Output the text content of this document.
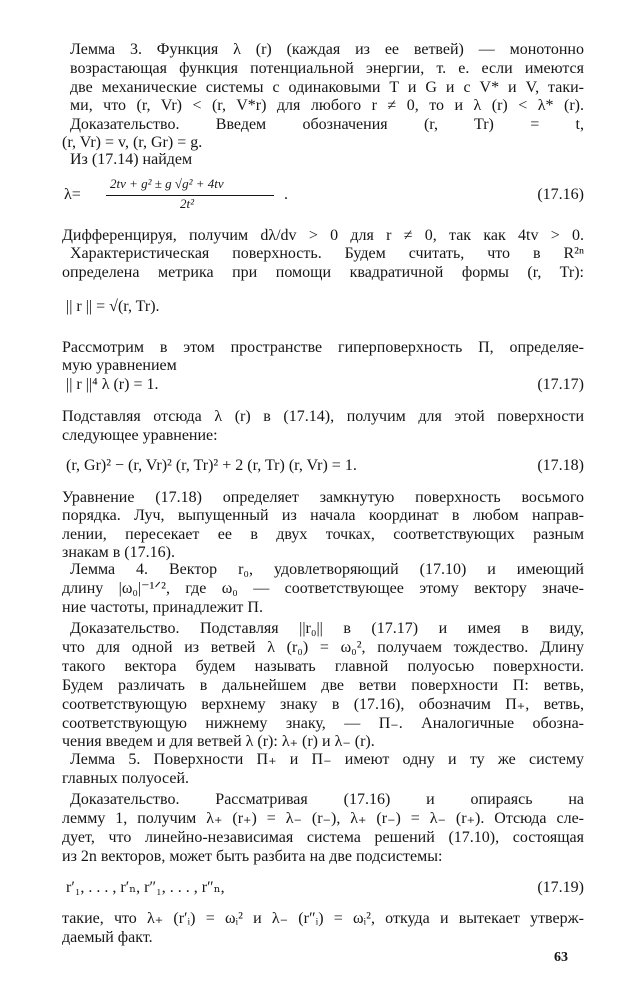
Лемма 3. Функция λ (r) (каждая из ее ветвей) — монотонно
возрастающая функция потенциальной энергии, т. е. если имеются
две механические системы с одинаковыми T и G и с V* и V, таки-
ми, что (r, Vr) < (r, V*r) для любого r ≠ 0, то и λ (r) < λ* (r).
Доказательство. Введем обозначения (r, Tr) = t,
(r, Vr) = v, (r, Gr) = g.
Из (17.14) найдем
λ=
2tv + g² ± g √g² + 4tv
2t²
.	(17.16)
Дифференцируя, получим dλ/dv > 0 для r ≠ 0, так как 4tv > 0.
Характеристическая поверхность. Будем считать, что в R²ⁿ
определена метрика при помощи квадратичной формы (r, Tr):
|| r || = √(r, Tr).
Рассмотрим в этом пространстве гиперповерхность Π, определяе-
мую уравнением
|| r ||⁴ λ (r) = 1.	(17.17)
Подставляя отсюда λ (r) в (17.14), получим для этой поверхности
следующее уравнение:
(r, Gr)² − (r, Vr)² (r, Tr)² + 2 (r, Tr) (r, Vr) = 1.	(17.18)
Уравнение (17.18) определяет замкнутую поверхность восьмого
порядка. Луч, выпущенный из начала координат в любом направ-
лении, пересекает ее в двух точках, соответствующих разным
знакам в (17.16).
Лемма 4. Вектор r₀, удовлетворяющий (17.10) и имеющий
длину |ω₀|⁻¹ᐟ², где ω₀ — соответствующее этому вектору значе-
ние частоты, принадлежит Π.
Доказательство. Подставляя ||r₀|| в (17.17) и имея в виду,
что для одной из ветвей λ (r₀) = ω₀², получаем тождество. Длину
такого вектора будем называть главной полуосью поверхности.
Будем различать в дальнейшем две ветви поверхности Π: ветвь,
соответствующую верхнему знаку в (17.16), обозначим Π₊, ветвь,
соответствующую нижнему знаку, — Π₋. Аналогичные обозна-
чения введем и для ветвей λ (r): λ₊ (r) и λ₋ (r).
Лемма 5. Поверхности Π₊ и Π₋ имеют одну и ту же систему
главных полуосей.
Доказательство. Рассматривая (17.16) и опираясь на
лемму 1, получим λ₊ (r₊) = λ₋ (r₋), λ₊ (r₋) = λ₋ (r₊). Отсюда сле-
дует, что линейно-независимая система решений (17.10), состоящая
из 2n векторов, может быть разбита на две подсистемы:
r′₁, . . . , r′ₙ, r″₁, . . . , r″ₙ,	(17.19)
такие, что λ₊ (r′ᵢ) = ωᵢ² и λ₋ (r″ᵢ) = ωᵢ², откуда и вытекает утверж-
даемый факт.
63
